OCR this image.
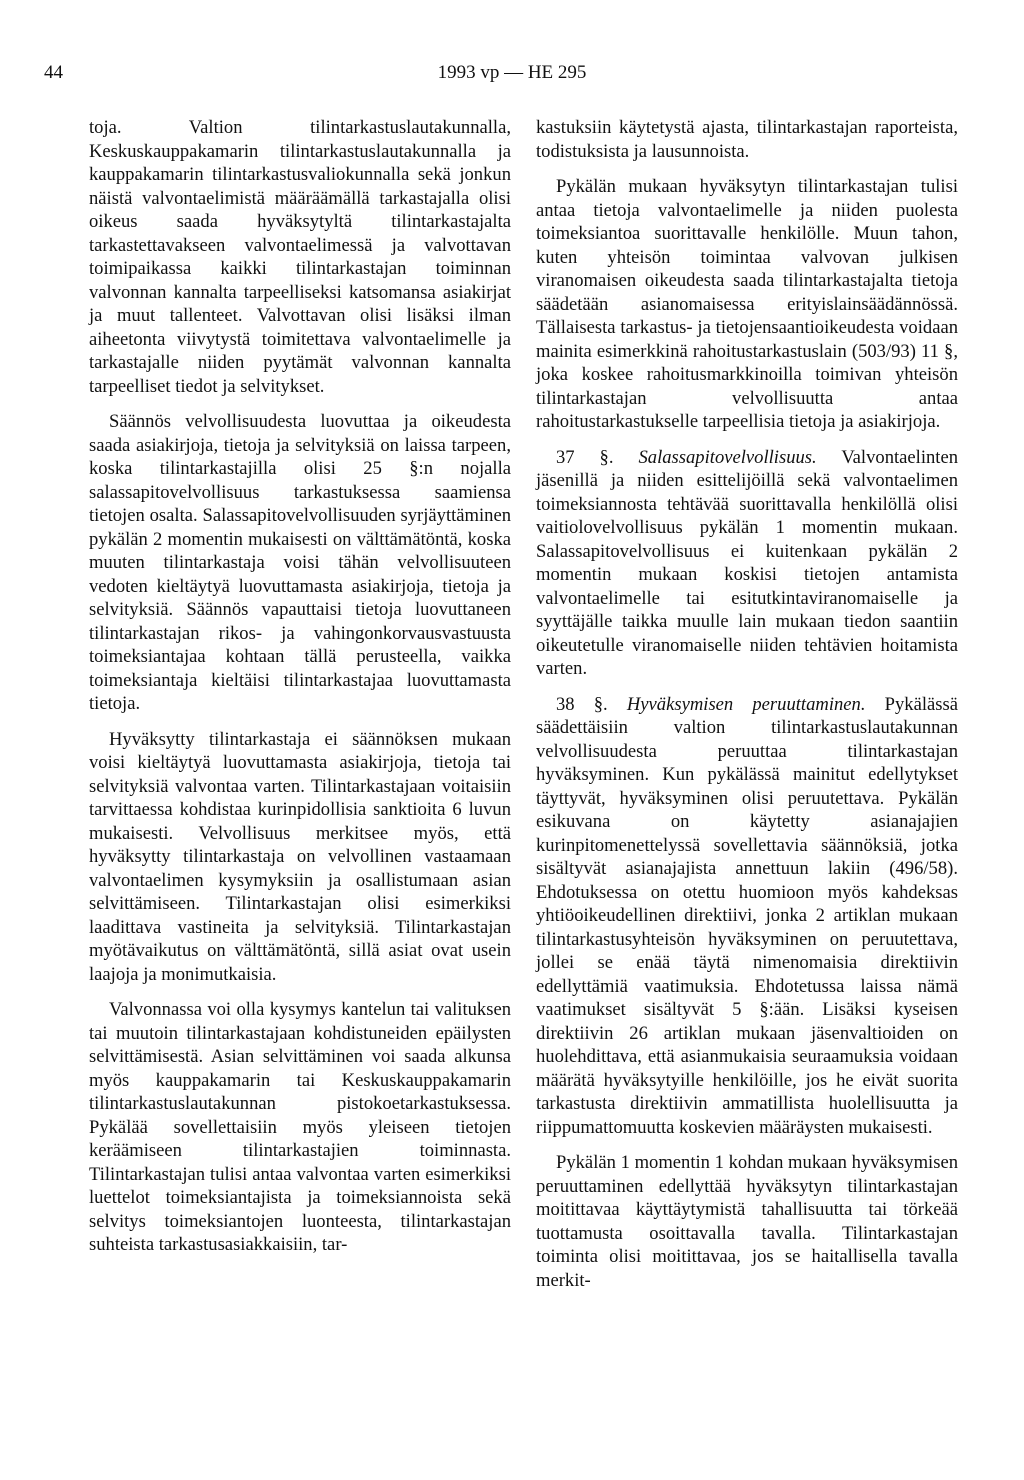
44	1993 vp — HE 295

toja. Valtion tilintarkastuslautakunnalla, Keskuskauppakamarin tilintarkastuslautakunnalla ja kauppakamarin tilintarkastusvaliokunnalla sekä jonkun näistä valvontaelimistä määräämällä tarkastajalla olisi oikeus saada hyväksytyltä tilintarkastajalta tarkastettavakseen valvontaelimessä ja valvottavan toimipaikassa kaikki tilintarkastajan toiminnan valvonnan kannalta tarpeelliseksi katsomansa asiakirjat ja muut tallenteet. Valvottavan olisi lisäksi ilman aiheetonta viivytystä toimitettava valvontaelimelle ja tarkastajalle niiden pyytämät valvonnan kannalta tarpeelliset tiedot ja selvitykset.

Säännös velvollisuudesta luovuttaa ja oikeudesta saada asiakirjoja, tietoja ja selvityksiä on laissa tarpeen, koska tilintarkastajilla olisi 25 §:n nojalla salassapitovelvollisuus tarkastuksessa saamiensa tietojen osalta. Salassapitovelvollisuuden syrjäyttäminen pykälän 2 momentin mukaisesti on välttämätöntä, koska muuten tilintarkastaja voisi tähän velvollisuuteen vedoten kieltäytyä luovuttamasta asiakirjoja, tietoja ja selvityksiä. Säännös vapauttaisi tietoja luovuttaneen tilintarkastajan rikos- ja vahingonkorvausvastuusta toimeksiantajaa kohtaan tällä perusteella, vaikka toimeksiantaja kieltäisi tilintarkastajaa luovuttamasta tietoja.

Hyväksytty tilintarkastaja ei säännöksen mukaan voisi kieltäytyä luovuttamasta asiakirjoja, tietoja tai selvityksiä valvontaa varten. Tilintarkastajaan voitaisiin tarvittaessa kohdistaa kurinpidollisia sanktioita 6 luvun mukaisesti. Velvollisuus merkitsee myös, että hyväksytty tilintarkastaja on velvollinen vastaamaan valvontaelimen kysymyksiin ja osallistumaan asian selvittämiseen. Tilintarkastajan olisi esimerkiksi laadittava vastineita ja selvityksiä. Tilintarkastajan myötävaikutus on välttämätöntä, sillä asiat ovat usein laajoja ja monimutkaisia.

Valvonnassa voi olla kysymys kantelun tai valituksen tai muutoin tilintarkastajaan kohdistuneiden epäilysten selvittämisestä. Asian selvittäminen voi saada alkunsa myös kauppakamarin tai Keskuskauppakamarin tilintarkastuslautakunnan pistokoetarkastuksessa. Pykälää sovellettaisiin myös yleiseen tietojen keräämiseen tilintarkastajien toiminnasta. Tilintarkastajan tulisi antaa valvontaa varten esimerkiksi luettelot toimeksiantajista ja toimeksiannoista sekä selvitys toimeksiantojen luonteesta, tilintarkastajan suhteista tarkastusasiakkaisiin, tar-

kastuksiin käytetystä ajasta, tilintarkastajan raporteista, todistuksista ja lausunnoista.

Pykälän mukaan hyväksytyn tilintarkastajan tulisi antaa tietoja valvontaelimelle ja niiden puolesta toimeksiantoa suorittavalle henkilölle. Muun tahon, kuten yhteisön toimintaa valvovan julkisen viranomaisen oikeudesta saada tilintarkastajalta tietoja säädetään asianomaisessa erityislainsäädännössä. Tällaisesta tarkastus- ja tietojensaantioikeudesta voidaan mainita esimerkkinä rahoitustarkastuslain (503/93) 11 §, joka koskee rahoitusmarkkinoilla toimivan yhteisön tilintarkastajan velvollisuutta antaa rahoitustarkastukselle tarpeellisia tietoja ja asiakirjoja.

37 §. Salassapitovelvollisuus. Valvontaelinten jäsenillä ja niiden esittelijöillä sekä valvontaelimen toimeksiannosta tehtävää suorittavalla henkilöllä olisi vaitiolovelvollisuus pykälän 1 momentin mukaan. Salassapitovelvollisuus ei kuitenkaan pykälän 2 momentin mukaan koskisi tietojen antamista valvontaelimelle tai esitutkintaviranomaiselle ja syyttäjälle taikka muulle lain mukaan tiedon saantiin oikeutetulle viranomaiselle niiden tehtävien hoitamista varten.

38 §. Hyväksymisen peruuttaminen. Pykälässä säädettäisiin valtion tilintarkastuslautakunnan velvollisuudesta peruuttaa tilintarkastajan hyväksyminen. Kun pykälässä mainitut edellytykset täyttyvät, hyväksyminen olisi peruutettava. Pykälän esikuvana on käytetty asianajajien kurinpitomenettelyssä sovellettavia säännöksiä, jotka sisältyvät asianajajista annettuun lakiin (496/58). Ehdotuksessa on otettu huomioon myös kahdeksas yhtiöoikeudellinen direktiivi, jonka 2 artiklan mukaan tilintarkastusyhteisön hyväksyminen on peruutettava, jollei se enää täytä nimenomaisia direktiivin edellyttämiä vaatimuksia. Ehdotetussa laissa nämä vaatimukset sisältyvät 5 §:ään. Lisäksi kyseisen direktiivin 26 artiklan mukaan jäsenvaltioiden on huolehdittava, että asianmukaisia seuraamuksia voidaan määrätä hyväksytyille henkilöille, jos he eivät suorita tarkastusta direktiivin ammatillista huolellisuutta ja riippumattomuutta koskevien määräysten mukaisesti.

Pykälän 1 momentin 1 kohdan mukaan hyväksymisen peruuttaminen edellyttää hyväksytyn tilintarkastajan moitittavaa käyttäytymistä tahallisuutta tai törkeää tuottamusta osoittavalla tavalla. Tilintarkastajan toiminta olisi moitittavaa, jos se haitallisella tavalla merkit-
